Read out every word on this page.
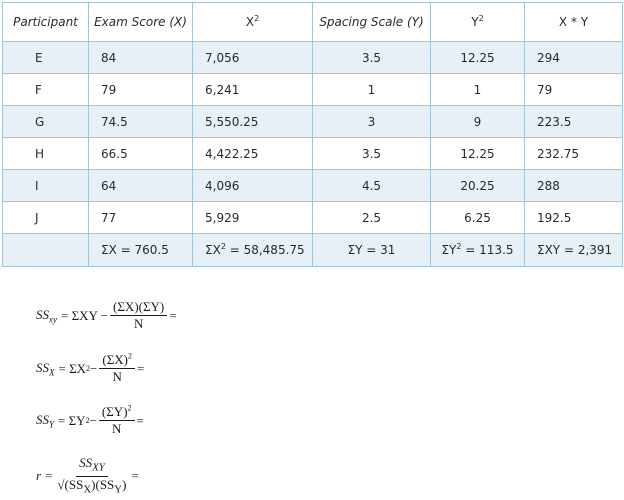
Participant	Exam Score (X)	$X^2$	Spacing Scale (Y)	$Y^2$	X * Y
E	84	7,056	3.5	12.25	294
F	79	6,241	1	1	79
G	74.5	5,550.25	3	9	223.5
H	66.5	4,422.25	3.5	12.25	232.75
I	64	4,096	4.5	20.25	288
J	77	5,929	2.5	6.25	192.5
	ΣX = 760.5	$\Sigma X^2 = 58,485.75$	ΣY = 31	$\Sigma Y^2 = 113.5$	ΣXY = 2,391
$SS_{xy} = \Sigma XY - \frac{(\Sigma X)(\Sigma Y)}{N}$ =
$SS_X = \Sigma X$ $2 - \frac{(\Sigma X)^2}{N}$ =
$SS_Y = \Sigma Y$ $2 - \frac{(\Sigma Y)^2}{N}$ =
$r = \frac{SS_{XY}}{√(SS_X)(SS_Y)}$ =
